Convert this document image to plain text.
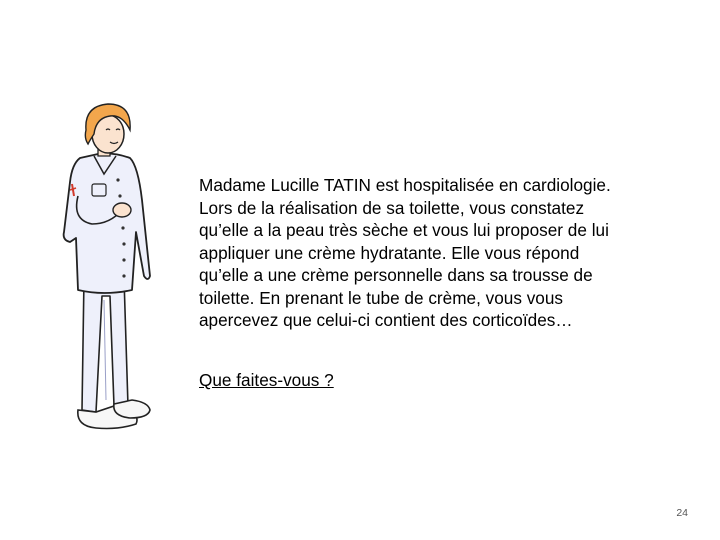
Madame Lucille TATIN est hospitalisée en cardiologie.
Lors de la réalisation de sa toilette, vous constatez
qu’elle a la peau très sèche et vous lui proposer de lui
appliquer une crème hydratante. Elle vous répond
qu’elle a une crème personnelle dans sa trousse de
toilette. En prenant le tube de crème, vous vous
apercevez que celui-ci contient des corticoïdes…

Que faites-vous ?

24
